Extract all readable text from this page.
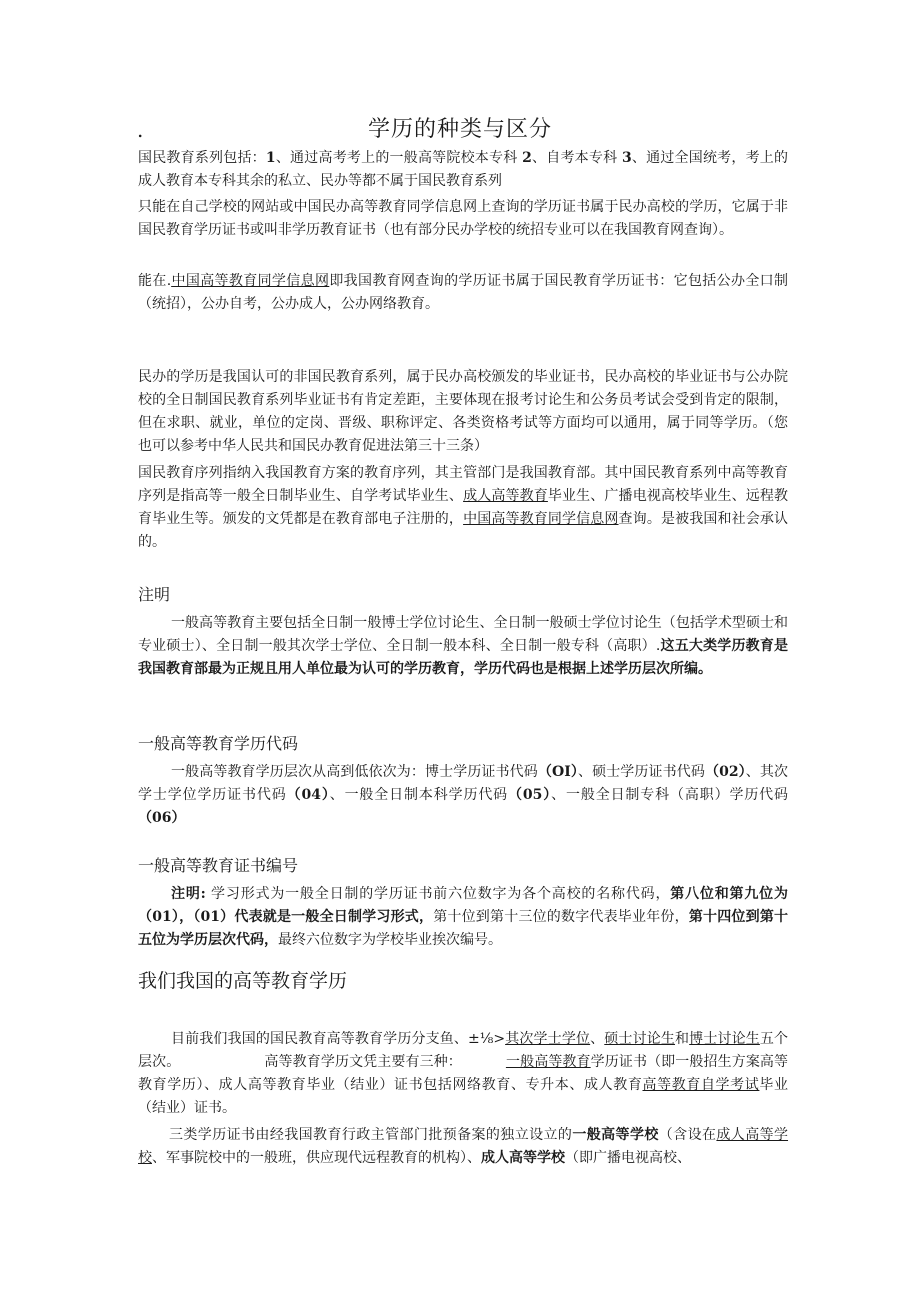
.	学历的种类与区分

国民教育系列包括：1、通过高考考上的一般高等院校本专科 2、自考本专科 3、通过全国统考，考上的成人教育本专科其余的私立、民办等都不属于国民教育系列

只能在自己学校的网站或中国民办高等教育同学信息网上查询的学历证书属于民办高校的学历，它属于非国民教育学历证书或叫非学历教育证书（也有部分民办学校的统招专业可以在我国教育网查询）。

能在.中国高等教育同学信息网即我国教育网查询的学历证书属于国民教育学历证书：它包括公办全口制（统招），公办自考，公办成人，公办网络教育。

民办的学历是我国认可的非国民教育系列，属于民办高校颁发的毕业证书，民办高校的毕业证书与公办院校的全日制国民教育系列毕业证书有肯定差距，主要体现在报考讨论生和公务员考试会受到肯定的限制，但在求职、就业，单位的定岗、晋级、职称评定、各类资格考试等方面均可以通用，属于同等学历。（您也可以参考中华人民共和国民办教育促进法第三十三条）

国民教育序列指纳入我国教育方案的教育序列，其主管部门是我国教育部。其中国民教育系列中高等教育序列是指高等一般全日制毕业生、自学考试毕业生、成人高等教育毕业生、广播电视高校毕业生、远程教育毕业生等。颁发的文凭都是在教育部电子注册的，中国高等教育同学信息网查询。是被我国和社会承认的。

注明

一般高等教育主要包括全日制一般博士学位讨论生、全日制一般硕士学位讨论生（包括学术型硕士和专业硕士）、全日制一般其次学士学位、全日制一般本科、全日制一般专科（高职）.这五大类学历教育是我国教育部最为正规且用人单位最为认可的学历教育，学历代码也是根据上述学历层次所编。

一般高等教育学历代码

一般高等教育学历层次从高到低依次为：博士学历证书代码（OI）、硕士学历证书代码（02）、其次学士学位学历证书代码（04）、一般全日制本科学历代码（05）、一般全日制专科（高职）学历代码（06）

一般高等教育证书编号

注明: 学习形式为一般全日制的学历证书前六位数字为各个高校的名称代码，第八位和第九位为（01），（01）代表就是一般全日制学习形式，第十位到第十三位的数字代表毕业年份，第十四位到第十五位为学历层次代码，最终六位数字为学校毕业挨次编号。

我们我国的高等教育学历

目前我们我国的国民教育高等教育学历分支鱼、±⅛>其次学士学位、硕士讨论生和博士讨论生五个层次。	高等教育学历文凭主要有三种：	一般高等教育学历证书（即一般招生方案高等教育学历）、成人高等教育毕业（结业）证书包括网络教育、专升本、成人教育高等教育自学考试毕业（结业）证书。

三类学历证书由经我国教育行政主管部门批预备案的独立设立的一般高等学校（含设在成人高等学校、军事院校中的一般班，供应现代远程教育的机构）、成人高等学校（即广播电视高校、
